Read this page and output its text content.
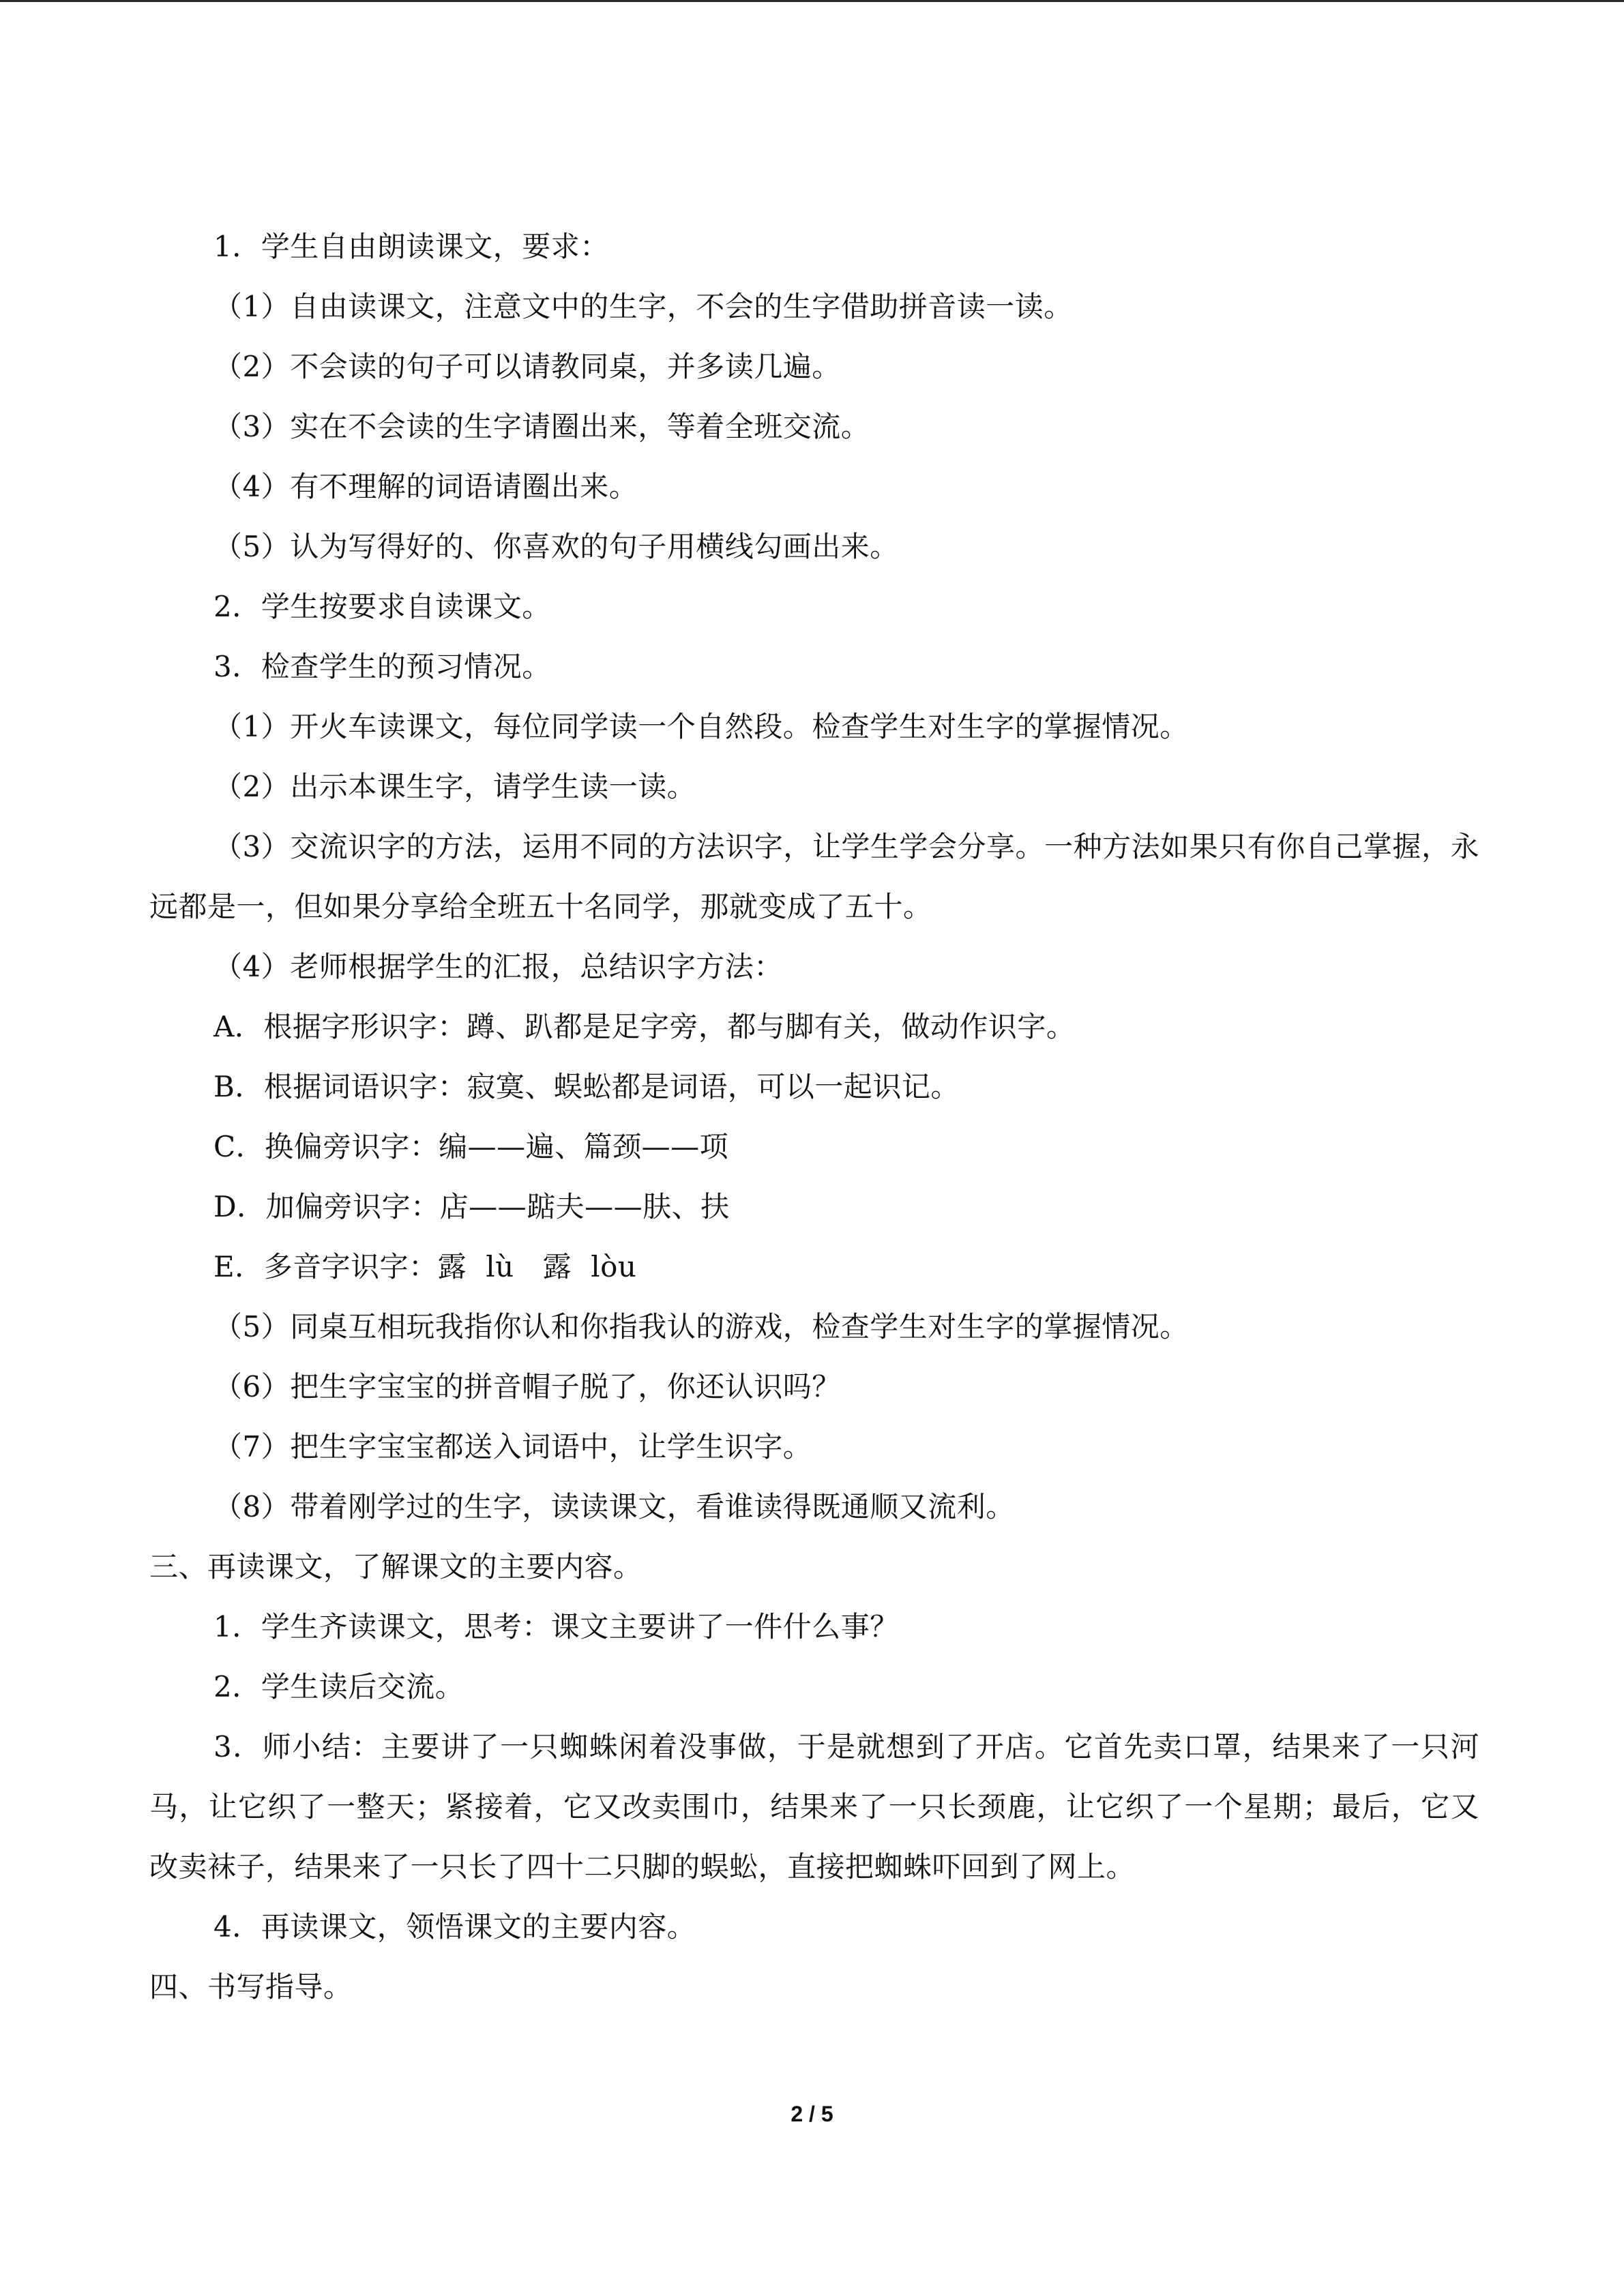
1．学生自由朗读课文，要求：
（1）自由读课文，注意文中的生字，不会的生字借助拼音读一读。
（2）不会读的句子可以请教同桌，并多读几遍。
（3）实在不会读的生字请圈出来，等着全班交流。
（4）有不理解的词语请圈出来。
（5）认为写得好的、你喜欢的句子用横线勾画出来。
2．学生按要求自读课文。
3．检查学生的预习情况。
（1）开火车读课文，每位同学读一个自然段。检查学生对生字的掌握情况。
（2）出示本课生字，请学生读一读。
（3）交流识字的方法，运用不同的方法识字，让学生学会分享。一种方法如果只有你自己掌握，永远都是一，但如果分享给全班五十名同学，那就变成了五十。
（4）老师根据学生的汇报，总结识字方法：
A．根据字形识字：蹲、趴都是足字旁，都与脚有关，做动作识字。
B．根据词语识字：寂寞、蜈蚣都是词语，可以一起识记。
C．换偏旁识字：编——遍、篇颈——项
D．加偏旁识字：店——踮夫——肤、扶
E．多音字识字：露 lù 露 lòu
（5）同桌互相玩我指你认和你指我认的游戏，检查学生对生字的掌握情况。
（6）把生字宝宝的拼音帽子脱了，你还认识吗？
（7）把生字宝宝都送入词语中，让学生识字。
（8）带着刚学过的生字，读读课文，看谁读得既通顺又流利。
三、再读课文，了解课文的主要内容。
1．学生齐读课文，思考：课文主要讲了一件什么事？
2．学生读后交流。
3．师小结：主要讲了一只蜘蛛闲着没事做，于是就想到了开店。它首先卖口罩，结果来了一只河马，让它织了一整天；紧接着，它又改卖围巾，结果来了一只长颈鹿，让它织了一个星期；最后，它又改卖袜子，结果来了一只长了四十二只脚的蜈蚣，直接把蜘蛛吓回到了网上。
4．再读课文，领悟课文的主要内容。
四、书写指导。
2 / 5
